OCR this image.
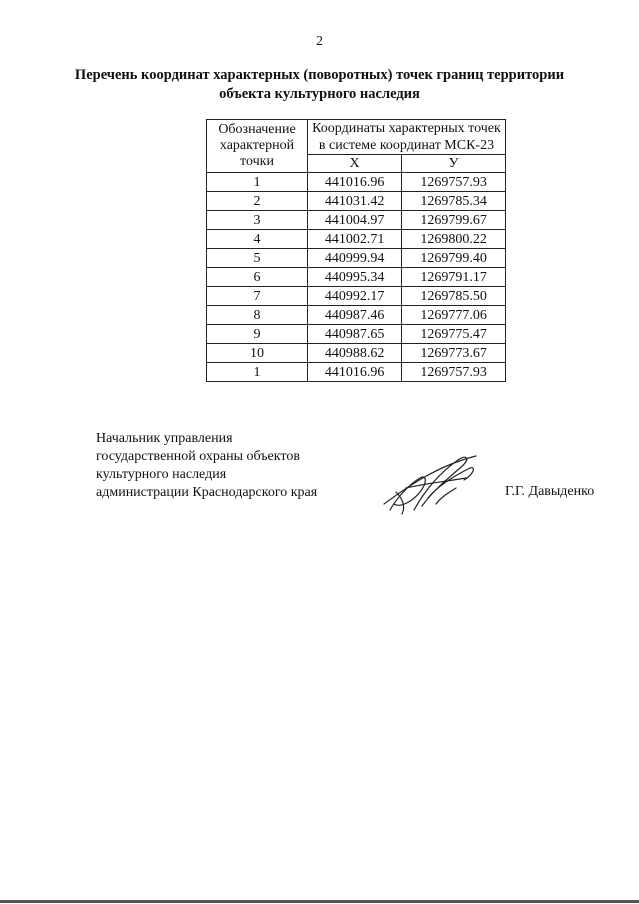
2
Перечень координат характерных (поворотных) точек границ территории
объекта культурного наследия
Обозначение характерной точки	Координаты характерных точек в системе координат МСК-23	
	X	У
1	441016.96	1269757.93
2	441031.42	1269785.34
3	441004.97	1269799.67
4	441002.71	1269800.22
5	440999.94	1269799.40
6	440995.34	1269791.17
7	440992.17	1269785.50
8	440987.46	1269777.06
9	440987.65	1269775.47
10	440988.62	1269773.67
1	441016.96	1269757.93
Начальник управления
государственной охраны объектов
культурного наследия
администрации Краснодарского края	Г.Г. Давыденко
